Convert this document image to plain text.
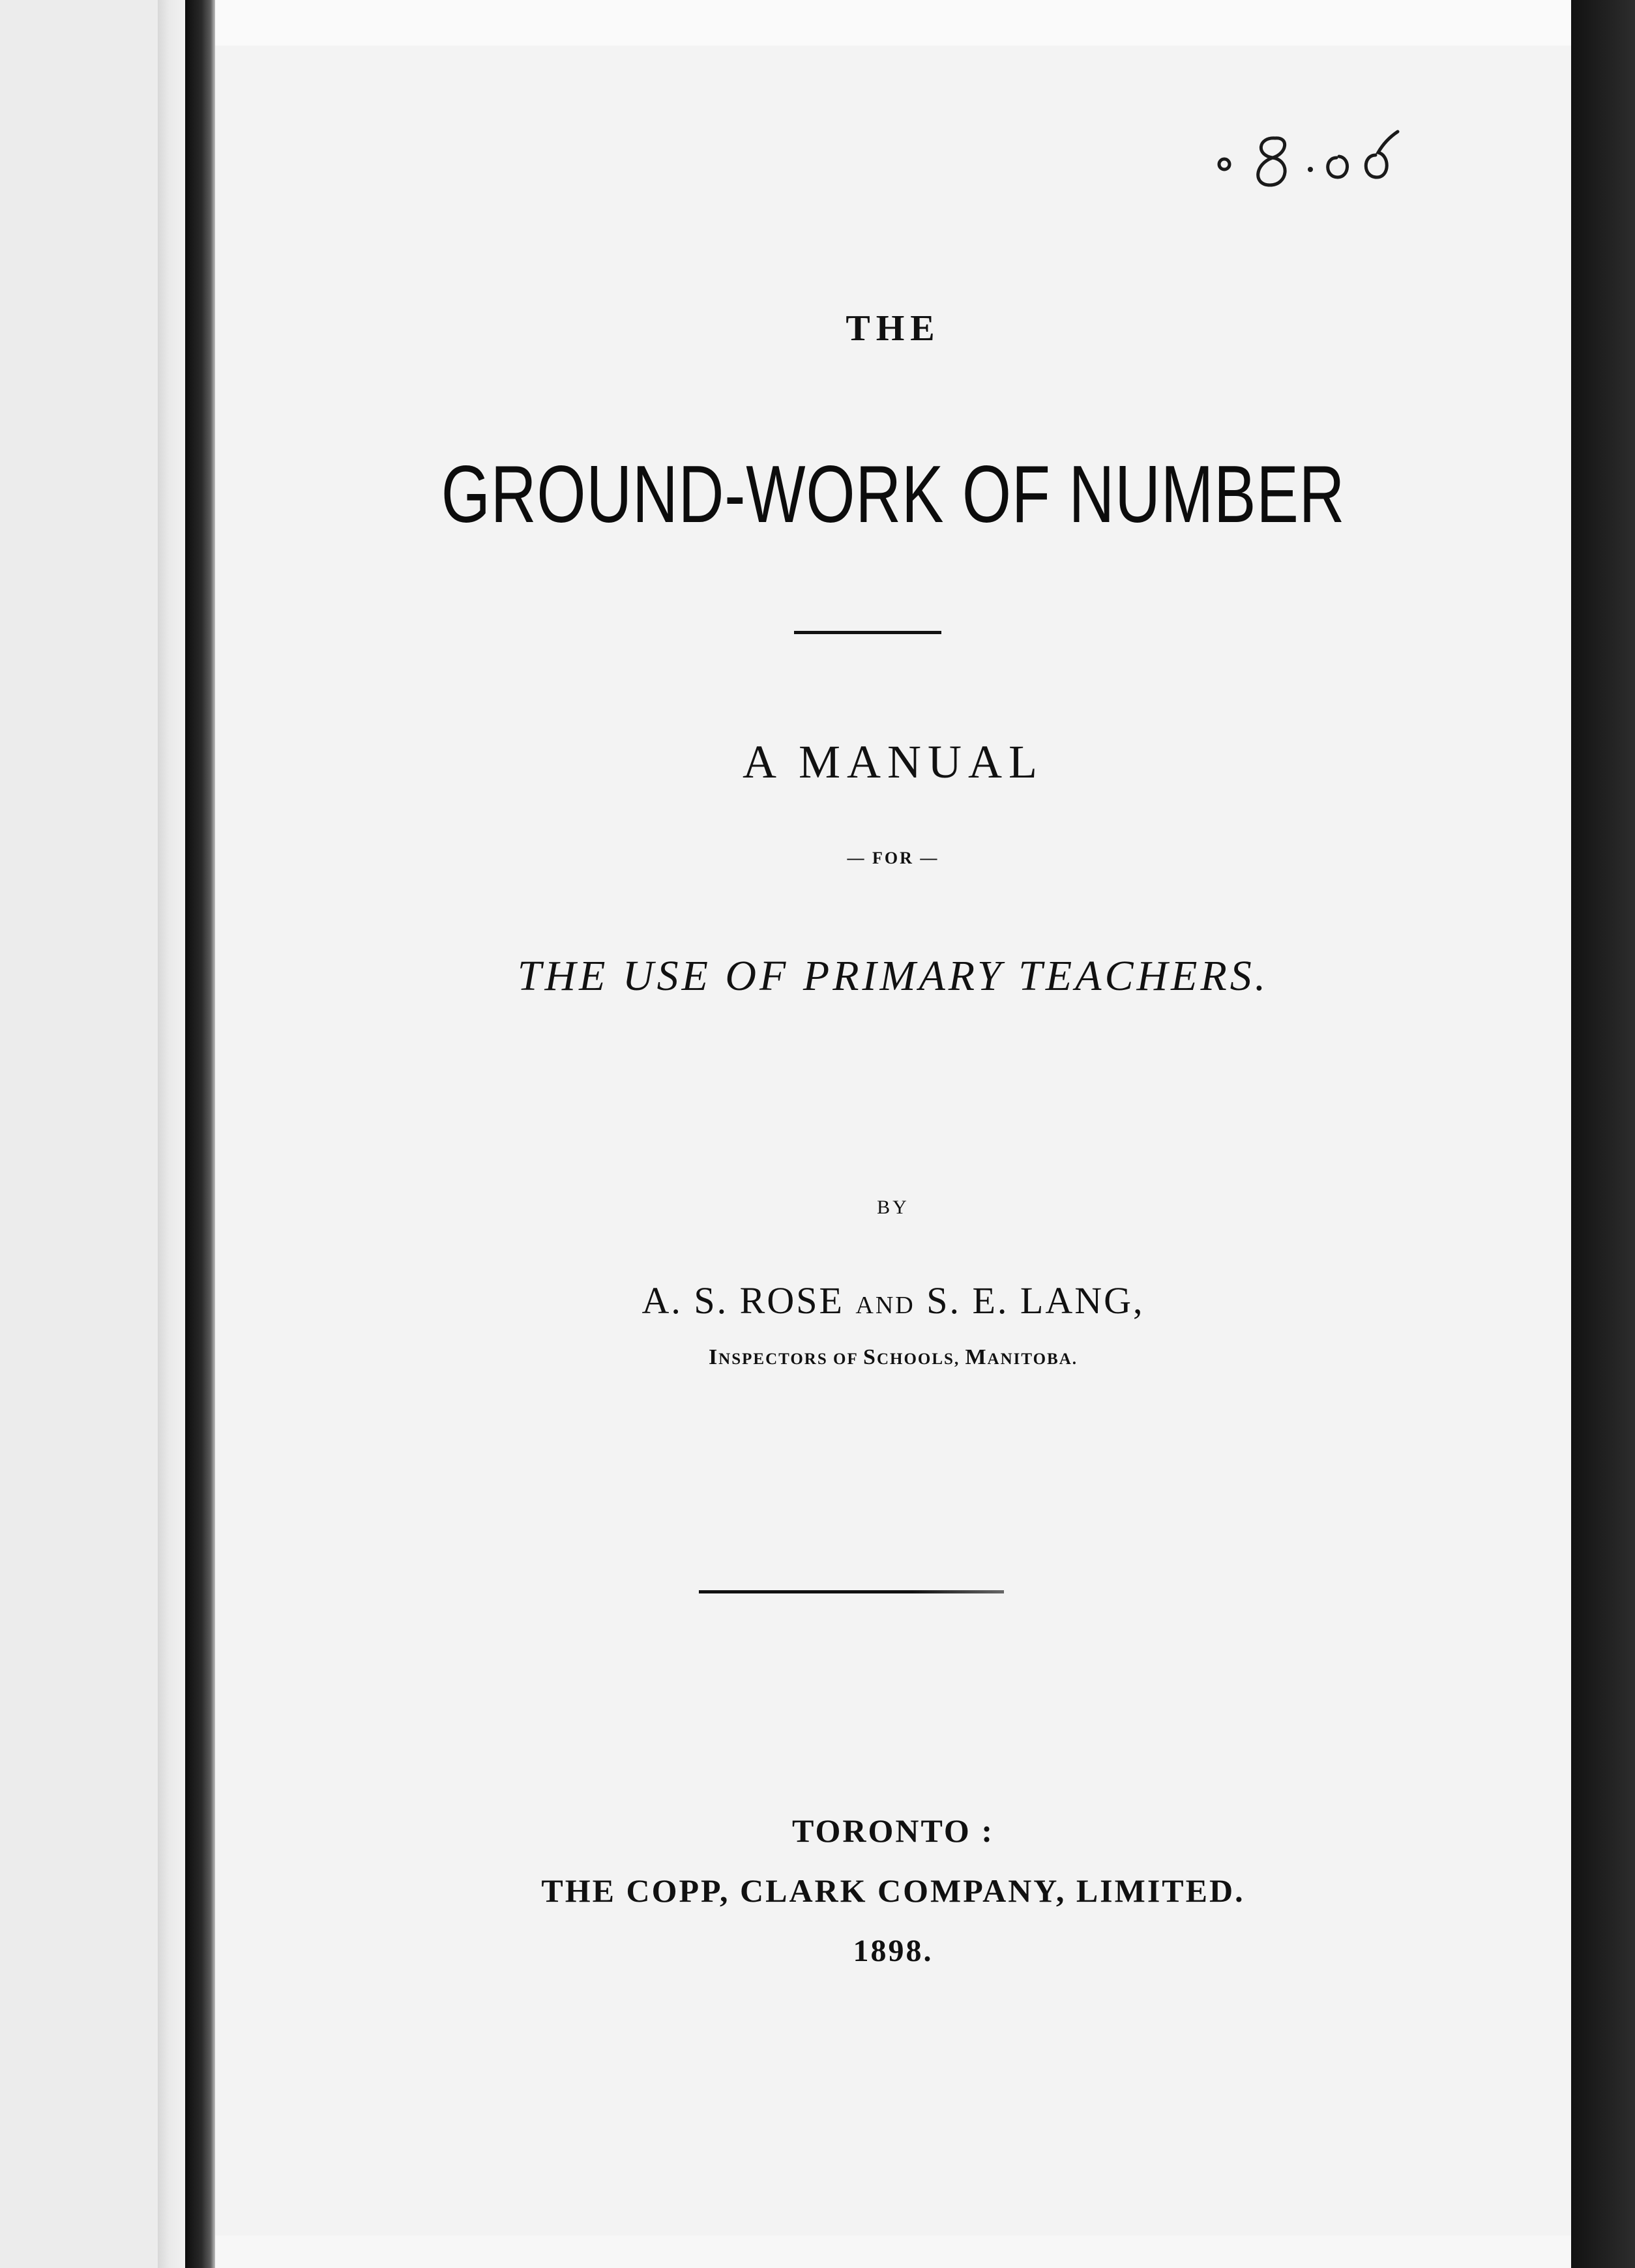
THE
GROUND-WORK OF NUMBER
A MANUAL
— FOR —
THE USE OF PRIMARY TEACHERS.
BY
A. S. ROSE AND S. E. LANG,
INSPECTORS OF SCHOOLS, MANITOBA.
TORONTO :
THE COPP, CLARK COMPANY, LIMITED.
1898.
